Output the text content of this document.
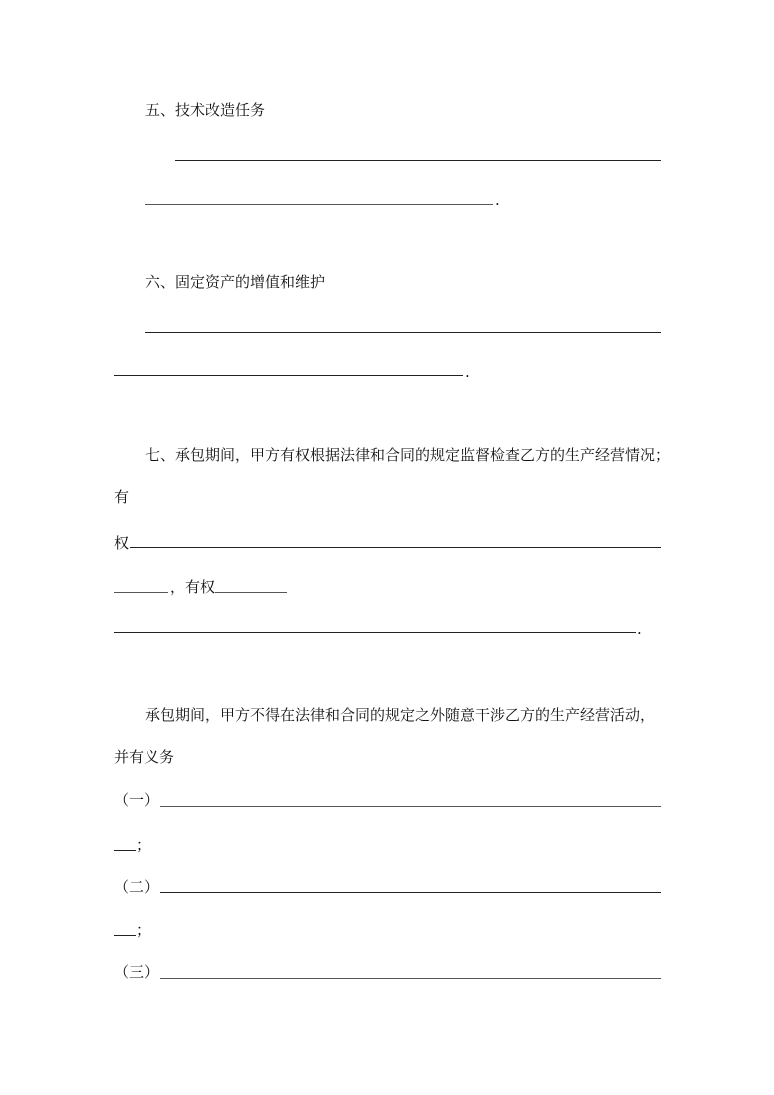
五、技术改造任务
.
六、固定资产的增值和维护
.
七、承包期间，甲方有权根据法律和合同的规定监督检查乙方的生产经营情况；
有
权
，有权
.
承包期间，甲方不得在法律和合同的规定之外随意干涉乙方的生产经营活动，
并有义务
（一）
；
（二）
；
（三）
